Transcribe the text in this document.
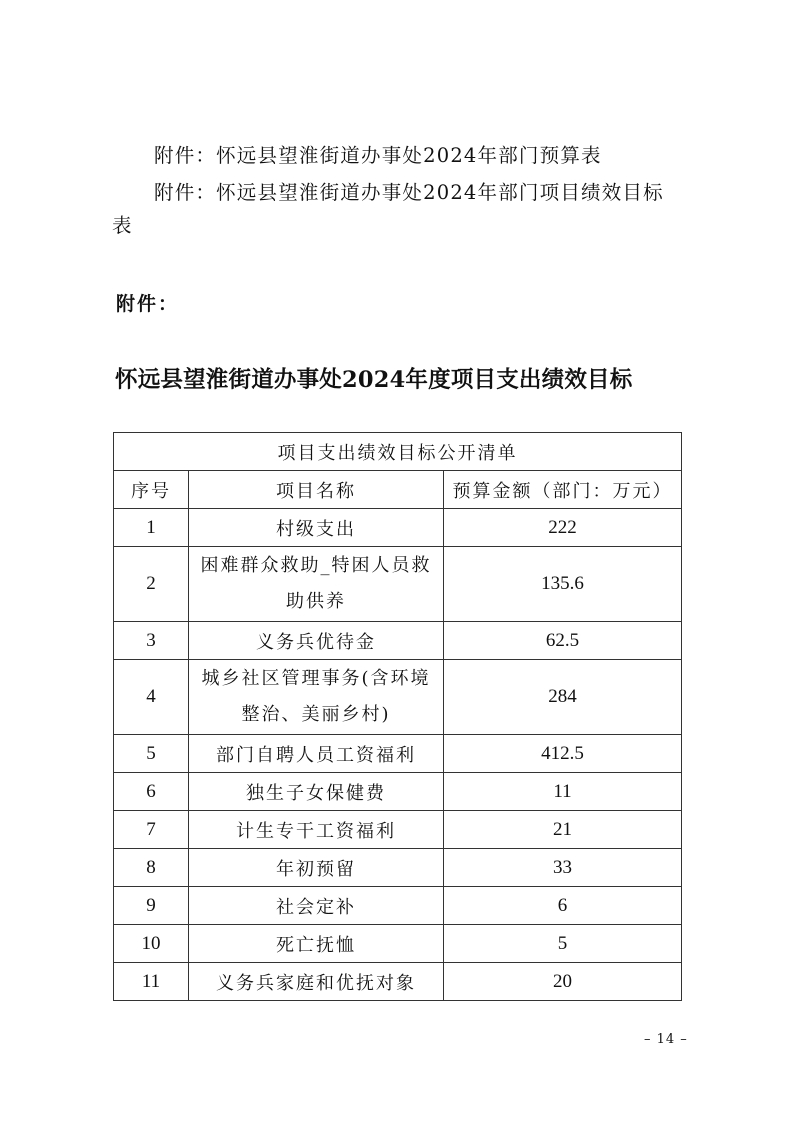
附件：怀远县望淮街道办事处2024年部门预算表

附件：怀远县望淮街道办事处2024年部门项目绩效目标表

附件：

怀远县望淮街道办事处2024年度项目支出绩效目标
项目支出绩效目标公开清单		
序号	项目名称	预算金额（部门：万元）
1	村级支出	222
2	困难群众救助_特困人员救助供养	135.6
3	义务兵优待金	62.5
4	城乡社区管理事务(含环境整治、美丽乡村)	284
5	部门自聘人员工资福利	412.5
6	独生子女保健费	11
7	计生专干工资福利	21
8	年初预留	33
9	社会定补	6
10	死亡抚恤	5
11	义务兵家庭和优抚对象	20

– 14 –
